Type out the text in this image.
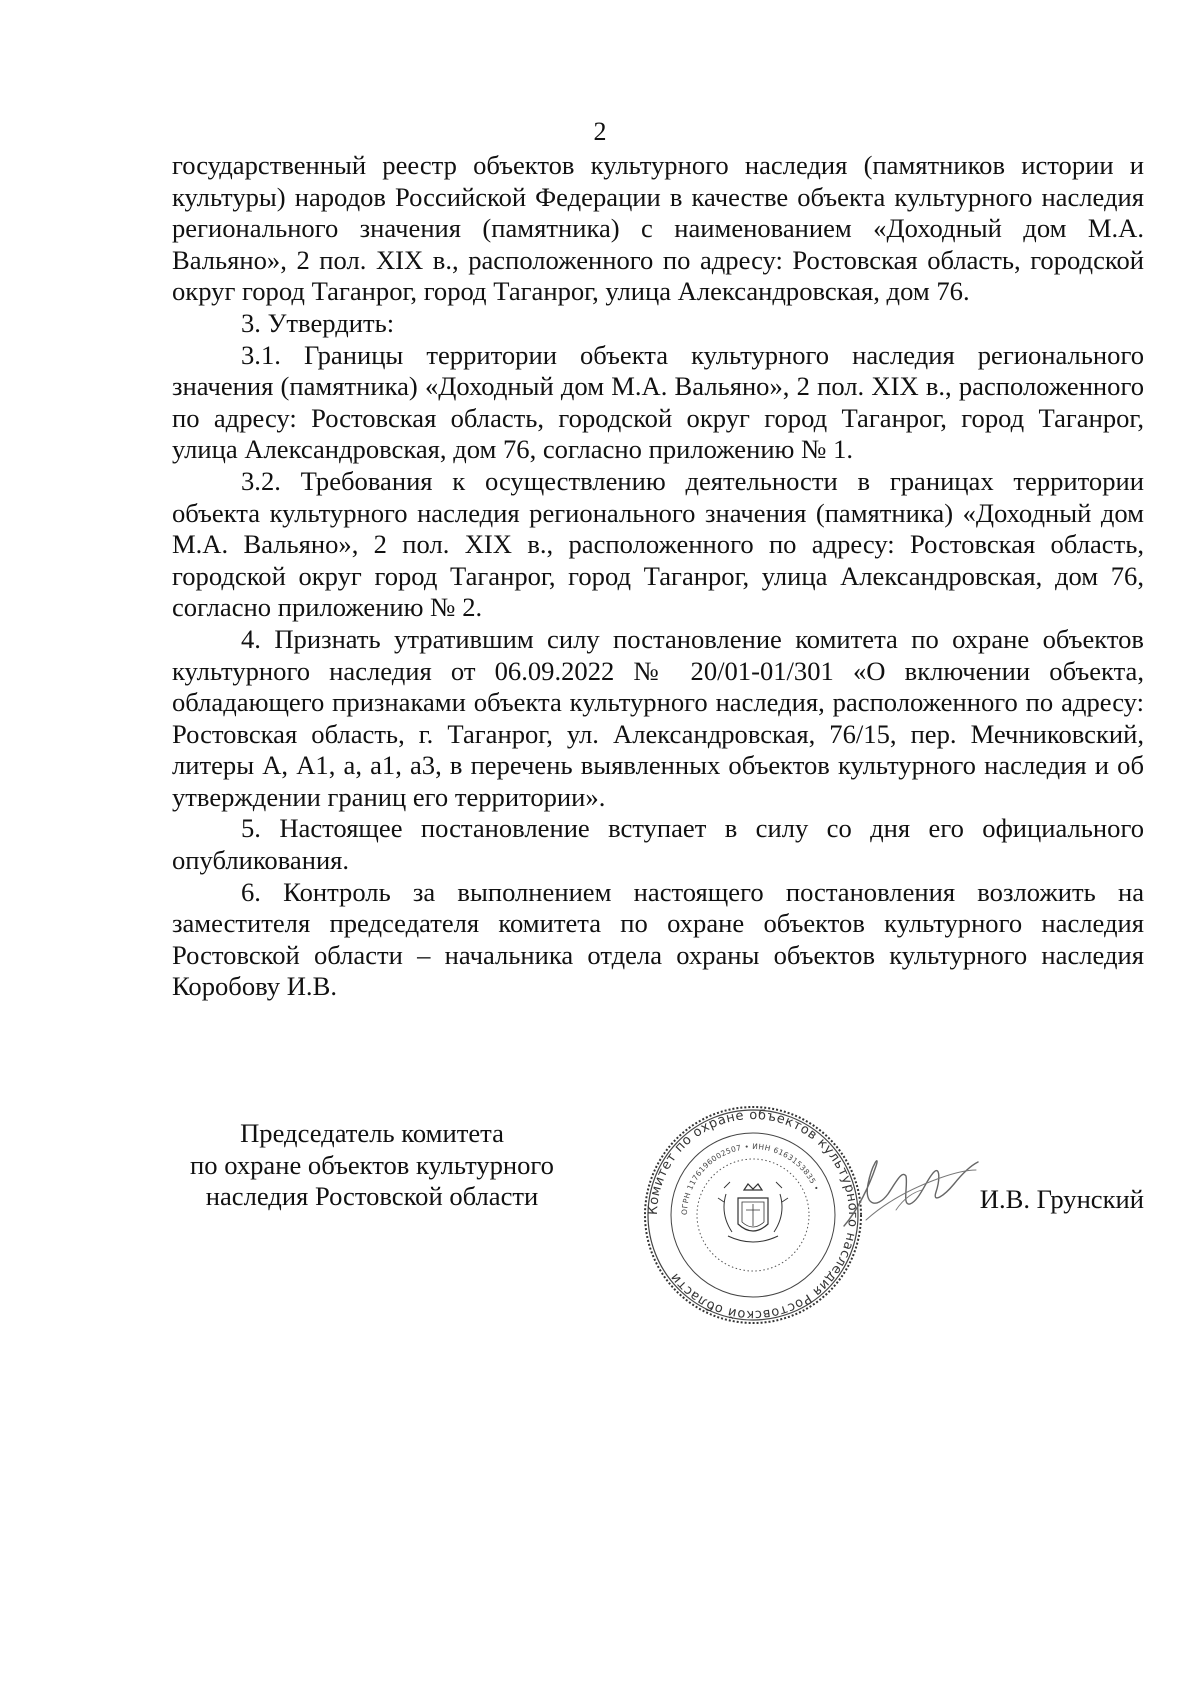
2

государственный реестр объектов культурного наследия (памятников истории и культуры) народов Российской Федерации в качестве объекта культурного наследия регионального значения (памятника) с наименованием «Доходный дом М.А. Вальяно», 2 пол. XIX в., расположенного по адресу: Ростовская область, городской округ город Таганрог, город Таганрог, улица Александровская, дом 76.

3. Утвердить:

3.1. Границы территории объекта культурного наследия регионального значения (памятника) «Доходный дом М.А. Вальяно», 2 пол. XIX в., расположенного по адресу: Ростовская область, городской округ город Таганрог, город Таганрог, улица Александровская, дом 76, согласно приложению № 1.

3.2. Требования к осуществлению деятельности в границах территории объекта культурного наследия регионального значения (памятника) «Доходный дом М.А. Вальяно», 2 пол. XIX в., расположенного по адресу: Ростовская область, городской округ город Таганрог, город Таганрог, улица Александровская, дом 76, согласно приложению № 2.

4. Признать утратившим силу постановление комитета по охране объектов культурного наследия от 06.09.2022 № 20/01-01/301 «О включении объекта, обладающего признаками объекта культурного наследия, расположенного по адресу: Ростовская область, г. Таганрог, ул. Александровская, 76/15, пер. Мечниковский, литеры А, А1, а, а1, а3, в перечень выявленных объектов культурного наследия и об утверждении границ его территории».

5. Настоящее постановление вступает в силу со дня его официального опубликования.

6. Контроль за выполнением настоящего постановления возложить на заместителя председателя комитета по охране объектов культурного наследия Ростовской области – начальника отдела охраны объектов культурного наследия Коробову И.В.

Председатель комитета
по охране объектов культурного
наследия Ростовской области	Комитет по охране объектов культурного наследия Ростовской области
ОГРН 1176196002507 • ИНН 6163153835 •	И.В. Грунский
